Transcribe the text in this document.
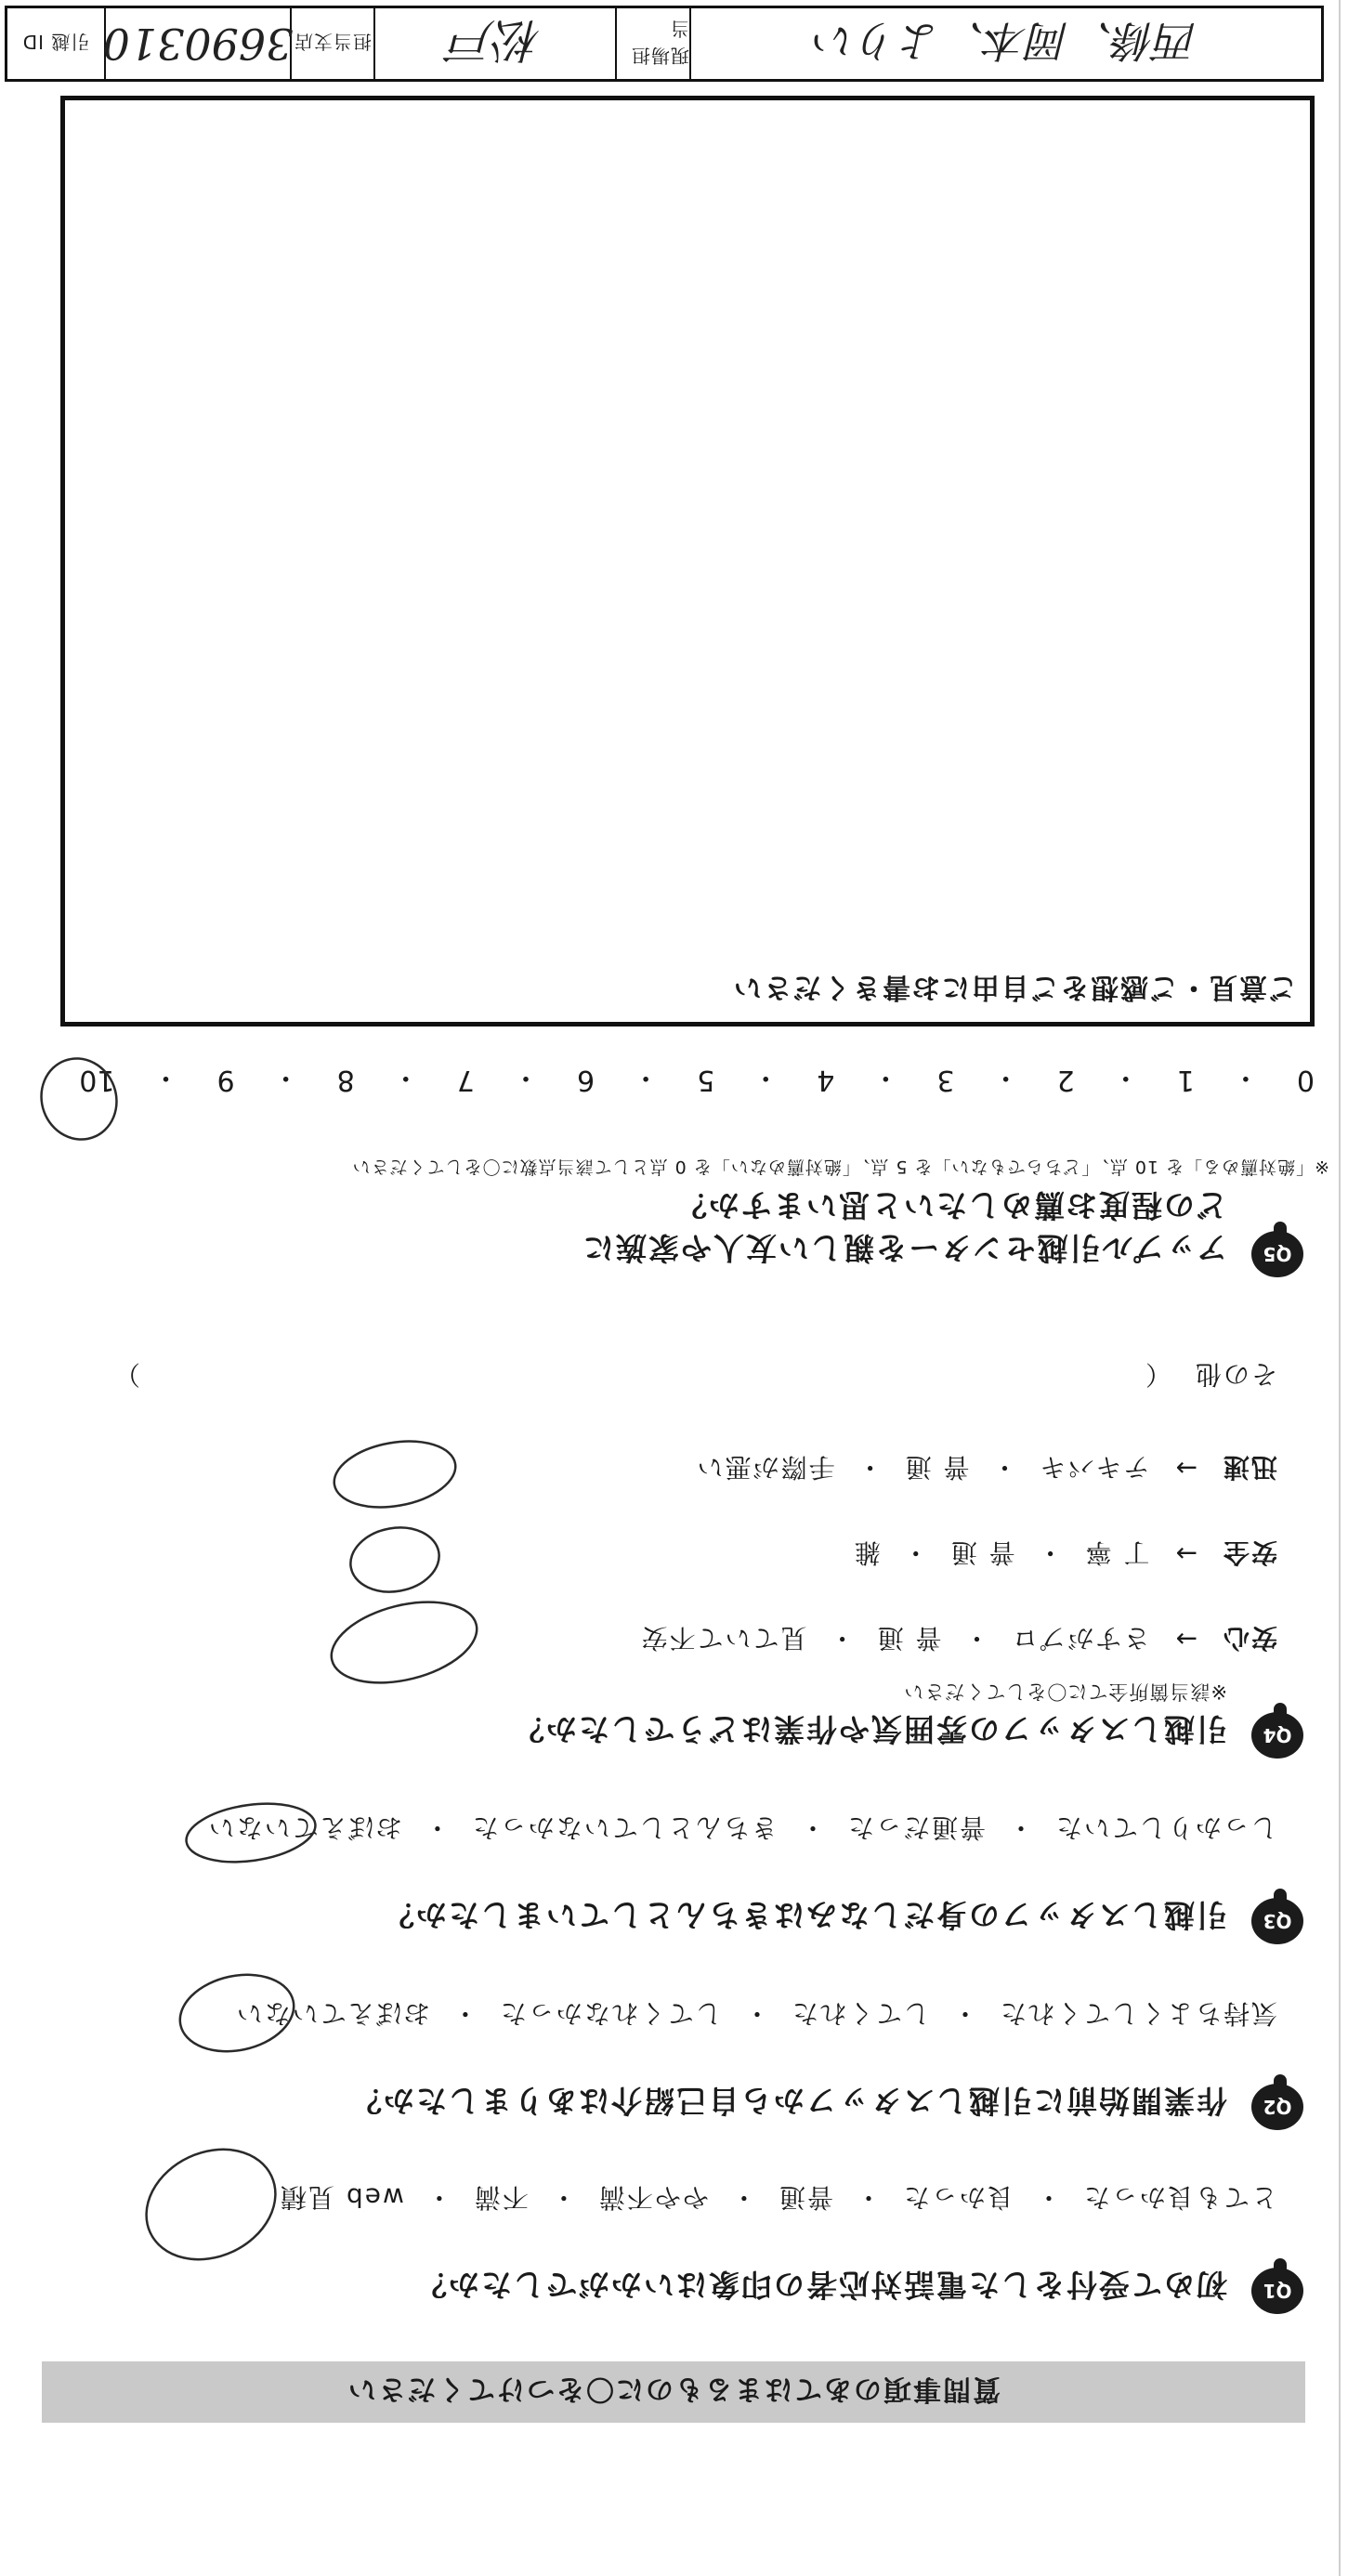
質問事項のあてはまるものに〇をつけてください
Q1
初めて受付をした電話対応者の印象はいかがでしたか？
とても良かった
・
良かった
・
普通
・
やや不満
・
不満
・
web 見積
Q2
作業開始前に引越しスタッフから自己紹介はありましたか？
気持ちよくしてくれた
・
してくれた
・
してくれなかった
・
おぼえていない
Q3
引越しスタッフの身だしなみはきちんとしていましたか？
しっかりしていた
・
普通だった
・
きちんとしていなかった
・
おぼえていない
Q4
引越しスタッフの雰囲気や作業はどうでしたか？
※該当箇所全てに〇をしてください
安心
→
さすがプロ
・
普 通
・
見ていて不安
安全
→
丁 寧
・
普 通
・
雑
迅速
→
テキパキ
・
普 通
・
手際が悪い
その他
（
）
Q5
アップル引越センターを親しい友人や家族に
どの程度お薦めしたいと思いますか？
※「絶対薦める」を 10 点、「どちらでもない」を 5 点、「絶対薦めない」を 0 点として該当点数に〇をしてください
0
・
1
・
2
・
3
・
4
・
5
・
6
・
7
・
8
・
9
・
10
ご意見・ご感想をご自由にお書きください
西條、岡本、よりい
現場担当
松戸
担当支店
3690310
引越 ID
